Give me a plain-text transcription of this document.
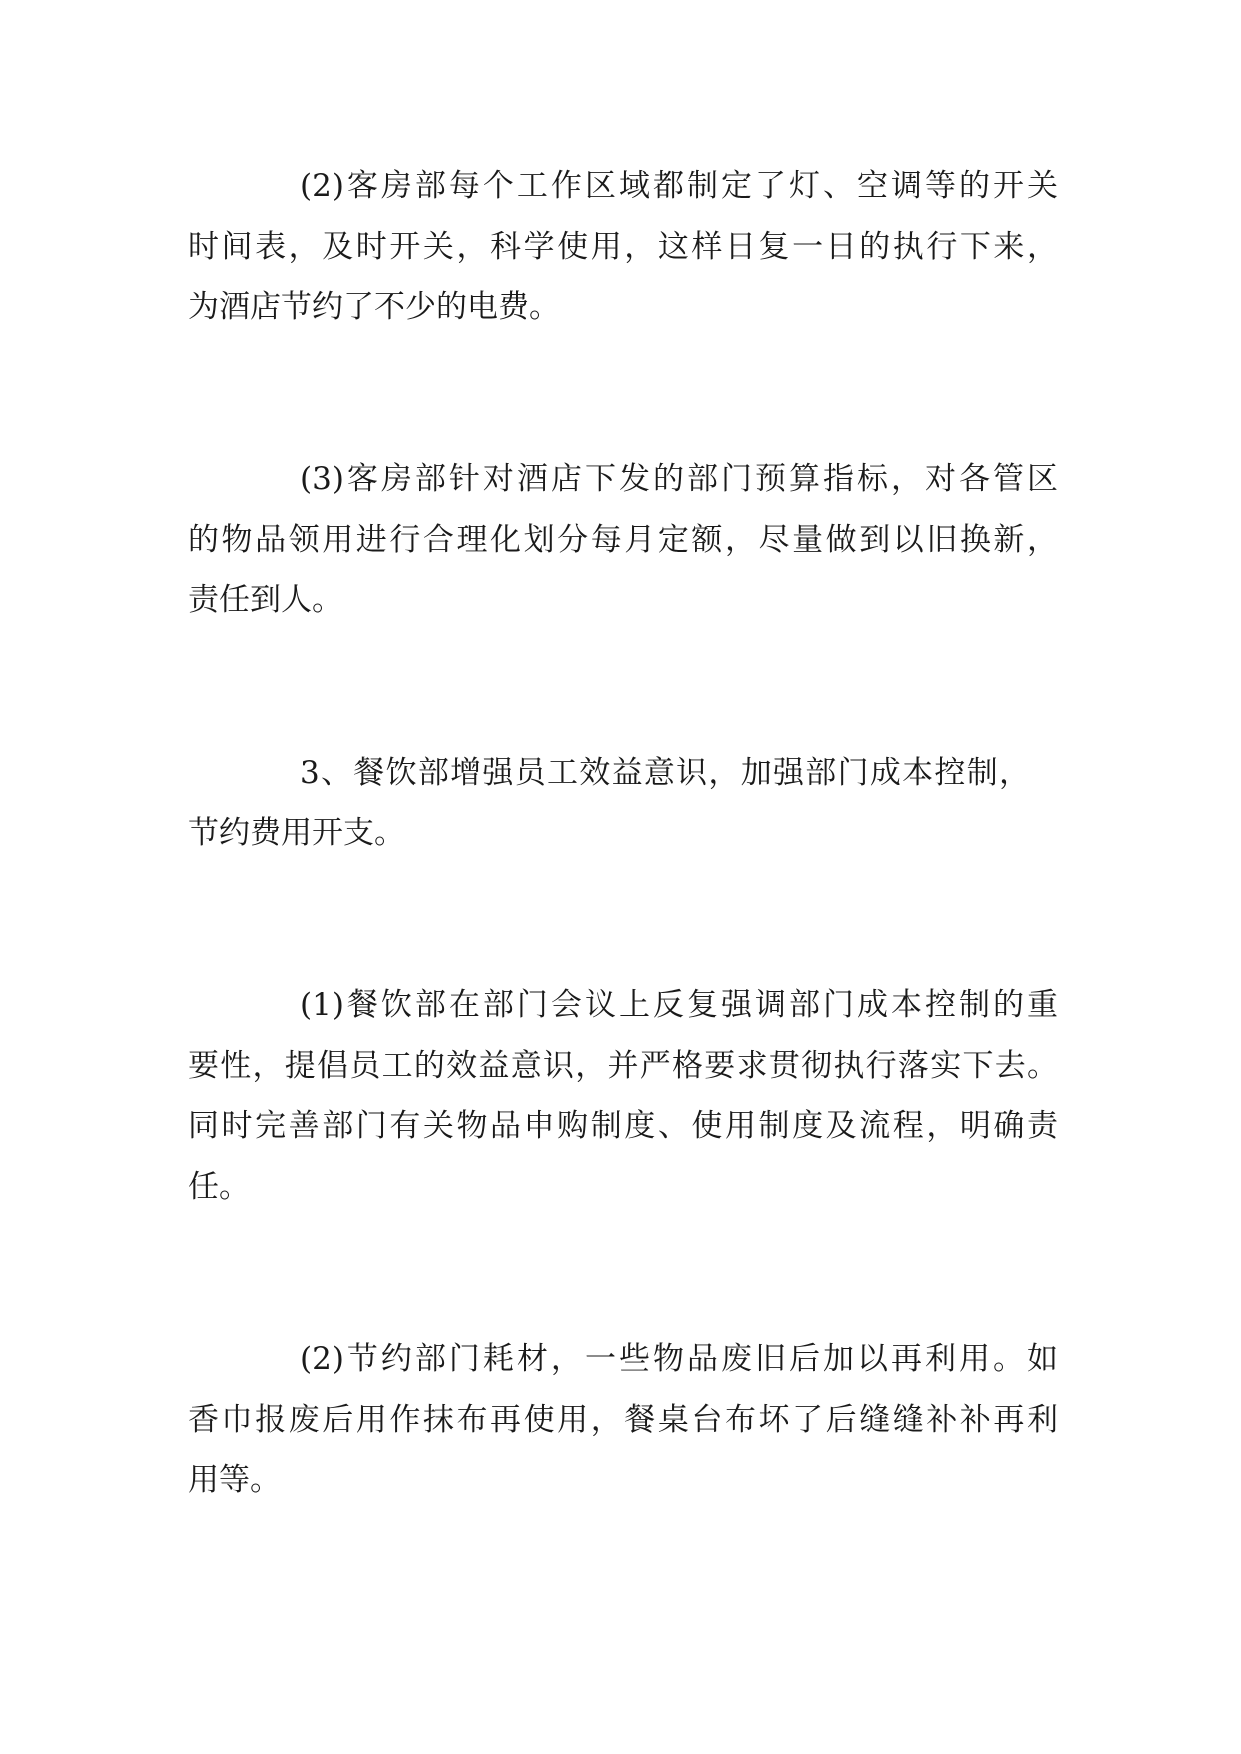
(2)客房部每个工作区域都制定了灯、空调等的开关
时间表，及时开关，科学使用，这样日复一日的执行下来，
为酒店节约了不少的电费。
(3)客房部针对酒店下发的部门预算指标，对各管区
的物品领用进行合理化划分每月定额，尽量做到以旧换新，
责任到人。
3、餐饮部增强员工效益意识，加强部门成本控制，
节约费用开支。
(1)餐饮部在部门会议上反复强调部门成本控制的重
要性，提倡员工的效益意识，并严格要求贯彻执行落实下去。
同时完善部门有关物品申购制度、使用制度及流程，明确责
任。
(2)节约部门耗材，一些物品废旧后加以再利用。如
香巾报废后用作抹布再使用，餐桌台布坏了后缝缝补补再利
用等。
